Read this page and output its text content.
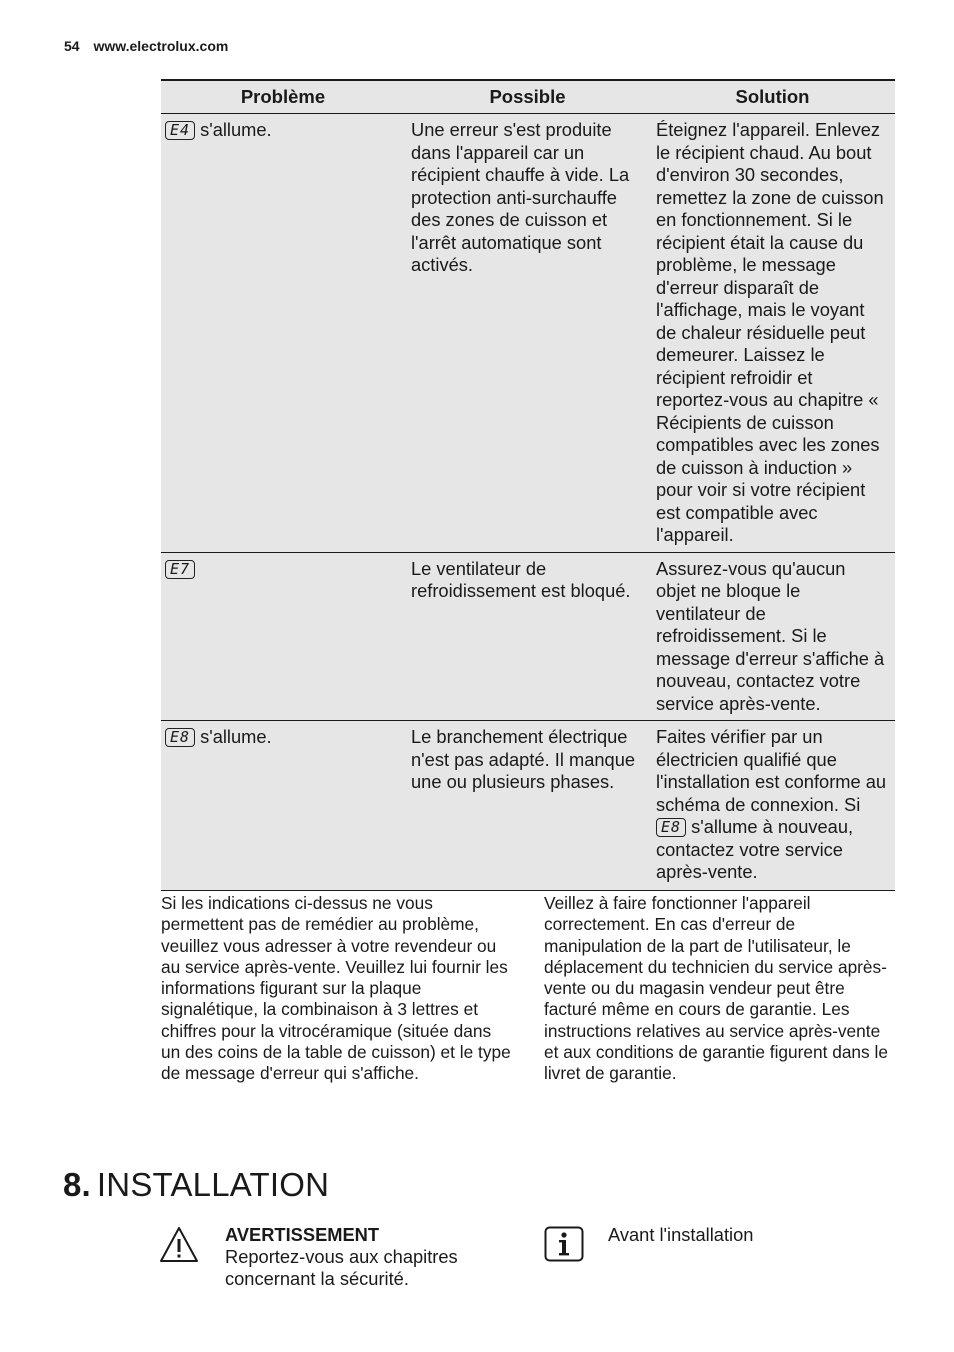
54 www.electrolux.com
Problème	Possible	Solution
E4 s'allume.	Une erreur s'est produite dans l'appareil car un récipient chauffe à vide. La protection anti-surchauffe des zones de cuisson et l'arrêt automatique sont activés.	Éteignez l'appareil. Enlevez le récipient chaud. Au bout d'environ 30 secondes, remettez la zone de cuisson en fonctionnement. Si le récipient était la cause du problème, le message d'erreur disparaît de l'affichage, mais le voyant de chaleur résiduelle peut demeurer. Laissez le récipient refroidir et reportez-vous au chapitre « Récipients de cuisson compatibles avec les zones de cuisson à induction » pour voir si votre récipient est compatible avec l'appareil.
E7	Le ventilateur de refroidissement est bloqué.	Assurez-vous qu'aucun objet ne bloque le ventilateur de refroidissement. Si le message d'erreur s'affiche à nouveau, contactez votre service après-vente.
E8 s'allume.	Le branchement électrique n'est pas adapté. Il manque une ou plusieurs phases.	Faites vérifier par un électricien qualifié que l'installation est conforme au schéma de connexion. Si E8 s'allume à nouveau, contactez votre service après-vente.
Si les indications ci-dessus ne vous permettent pas de remédier au problème, veuillez vous adresser à votre revendeur ou au service après-vente. Veuillez lui fournir les informations figurant sur la plaque signalétique, la combinaison à 3 lettres et chiffres pour la vitrocéramique (située dans un des coins de la table de cuisson) et le type de message d'erreur qui s'affiche.
Veillez à faire fonctionner l'appareil correctement. En cas d'erreur de manipulation de la part de l'utilisateur, le déplacement du technicien du service après-vente ou du magasin vendeur peut être facturé même en cours de garantie. Les instructions relatives au service après-vente et aux conditions de garantie figurent dans le livret de garantie.
8. INSTALLATION
AVERTISSEMENT
Reportez-vous aux chapitres concernant la sécurité.
Avant l'installation
